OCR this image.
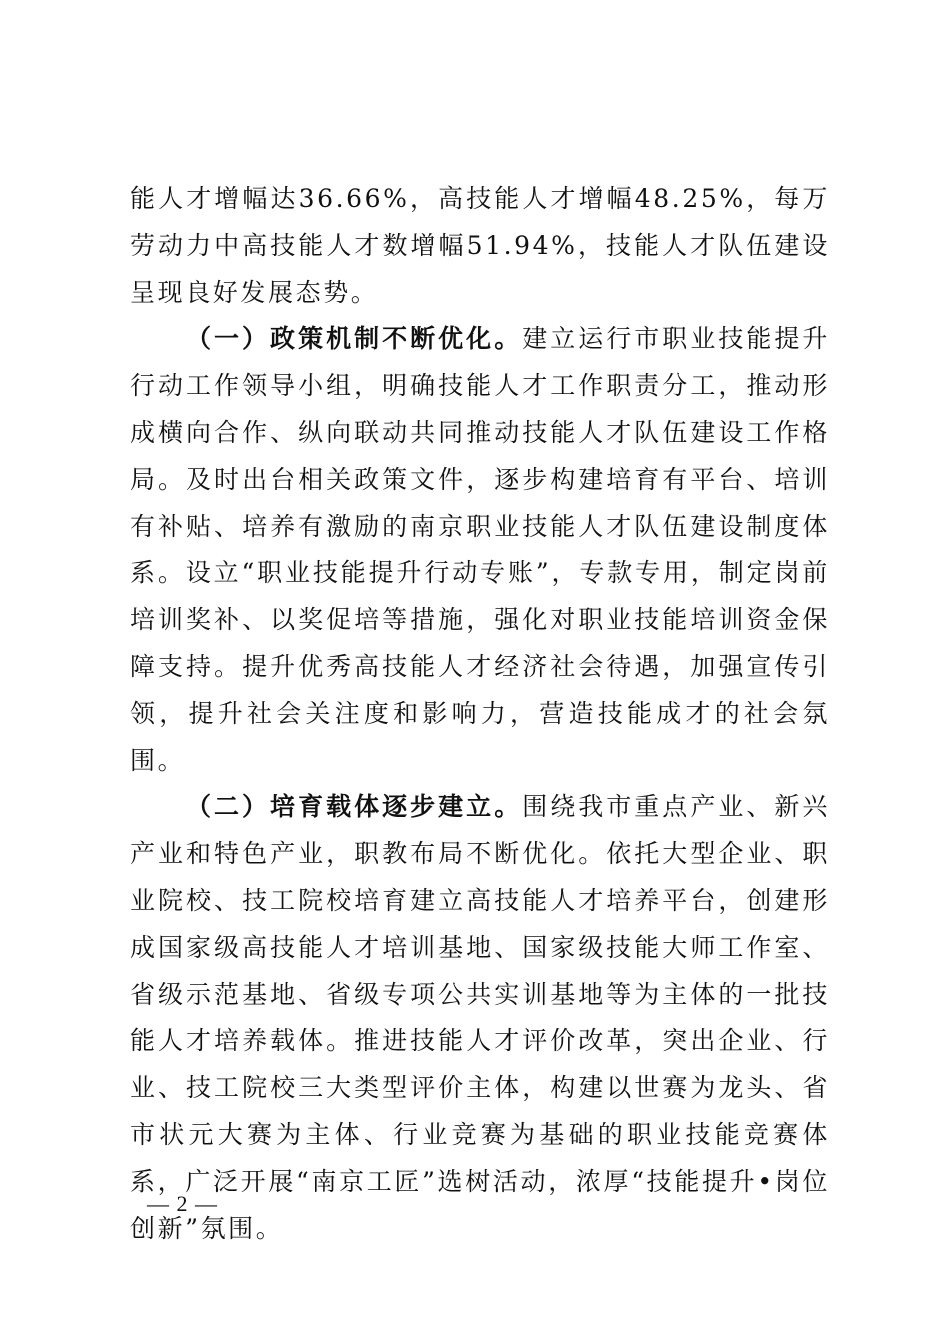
能人才增幅达36.66%，高技能人才增幅48.25%，每万劳动力中高技能人才数增幅51.94%，技能人才队伍建设呈现良好发展态势。

（一）政策机制不断优化。建立运行市职业技能提升行动工作领导小组，明确技能人才工作职责分工，推动形成横向合作、纵向联动共同推动技能人才队伍建设工作格局。及时出台相关政策文件，逐步构建培育有平台、培训有补贴、培养有激励的南京职业技能人才队伍建设制度体系。设立“职业技能提升行动专账”，专款专用，制定岗前培训奖补、以奖促培等措施，强化对职业技能培训资金保障支持。提升优秀高技能人才经济社会待遇，加强宣传引领，提升社会关注度和影响力，营造技能成才的社会氛围。

（二）培育载体逐步建立。围绕我市重点产业、新兴产业和特色产业，职教布局不断优化。依托大型企业、职业院校、技工院校培育建立高技能人才培养平台，创建形成国家级高技能人才培训基地、国家级技能大师工作室、省级示范基地、省级专项公共实训基地等为主体的一批技能人才培养载体。推进技能人才评价改革，突出企业、行业、技工院校三大类型评价主体，构建以世赛为龙头、省市状元大赛为主体、行业竞赛为基础的职业技能竞赛体系，广泛开展“南京工匠”选树活动，浓厚“技能提升•岗位创新”氛围。

— 2 —
